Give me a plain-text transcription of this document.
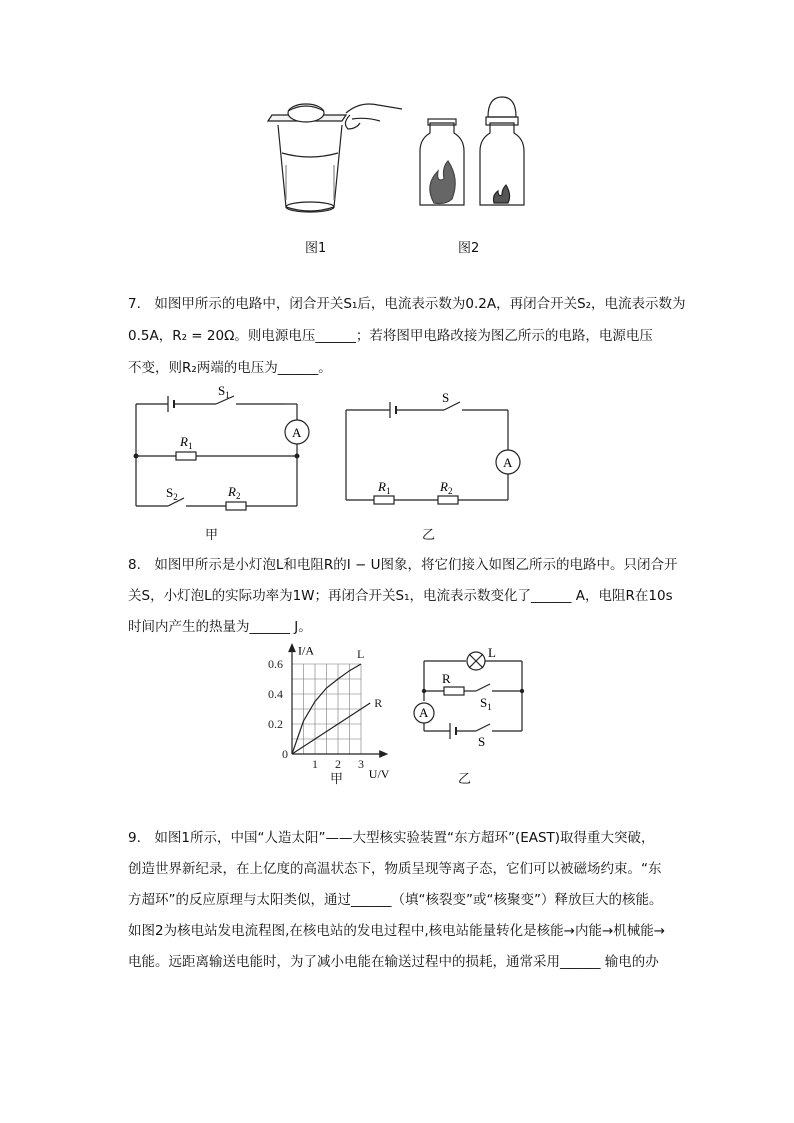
图1	图2
7.　如图甲所示的电路中，闭合开关S₁后，电流表示数为0.2A，再闭合开关S₂，电流表示数为
0.5A，R₂ = 20Ω。则电源电压______；若将图甲电路改接为图乙所示的电路，电源电压
不变，则R₂两端的电压为______。
$S_1$
A
$R_1$
$S_2$	$R_2$
甲
S
A
$R_1$	$R_2$
乙
8.　如图甲所示是小灯泡L和电阻R的I − U图象，将它们接入如图乙所示的电路中。只闭合开
关S，小灯泡L的实际功率为1W；再闭合开关S₁，电流表示数变化了______ A，电阻R在10s
时间内产生的热量为______ J。
1 2 3
0
0.2
0.4
0.6
L
R
I/A
U/V
甲
L
R
$S_1$
A
S
乙
9.　如图1所示，中国“人造太阳”——大型核实验装置“东方超环”(EAST)取得重大突破，
创造世界新纪录，在上亿度的高温状态下，物质呈现等离子态，它们可以被磁场约束。“东
方超环”的反应原理与太阳类似，通过______（填“核裂变”或“核聚变”）释放巨大的核能。
如图2为核电站发电流程图,在核电站的发电过程中,核电站能量转化是核能→内能→机械能→
电能。远距离输送电能时，为了减小电能在输送过程中的损耗，通常采用______ 输电的办
